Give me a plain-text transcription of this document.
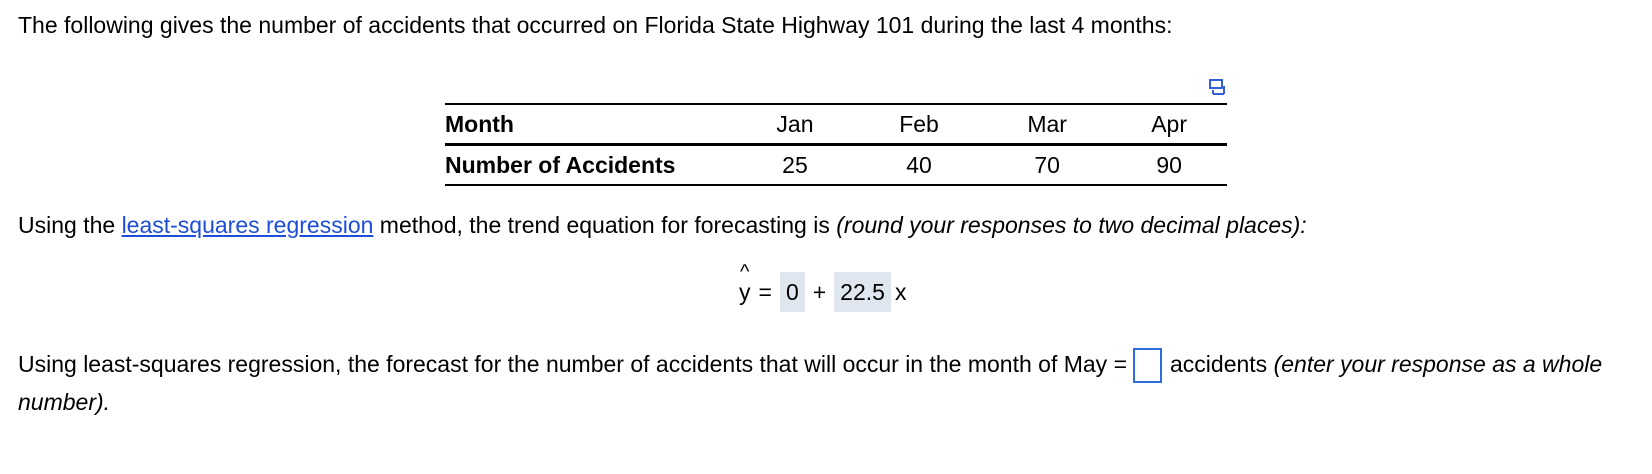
The following gives the number of accidents that occurred on Florida State Highway 101 during the last 4 months:
Month	Jan	Feb	Mar	Apr
Number of Accidents	25	40	70	90
Using the least-squares regression method, the trend equation for forecasting is (round your responses to two decimal places):
^
y = 0 + 22.5 x
Using least-squares regression, the forecast for the number of accidents that will occur in the month of May = accidents (enter your response as a whole number).
